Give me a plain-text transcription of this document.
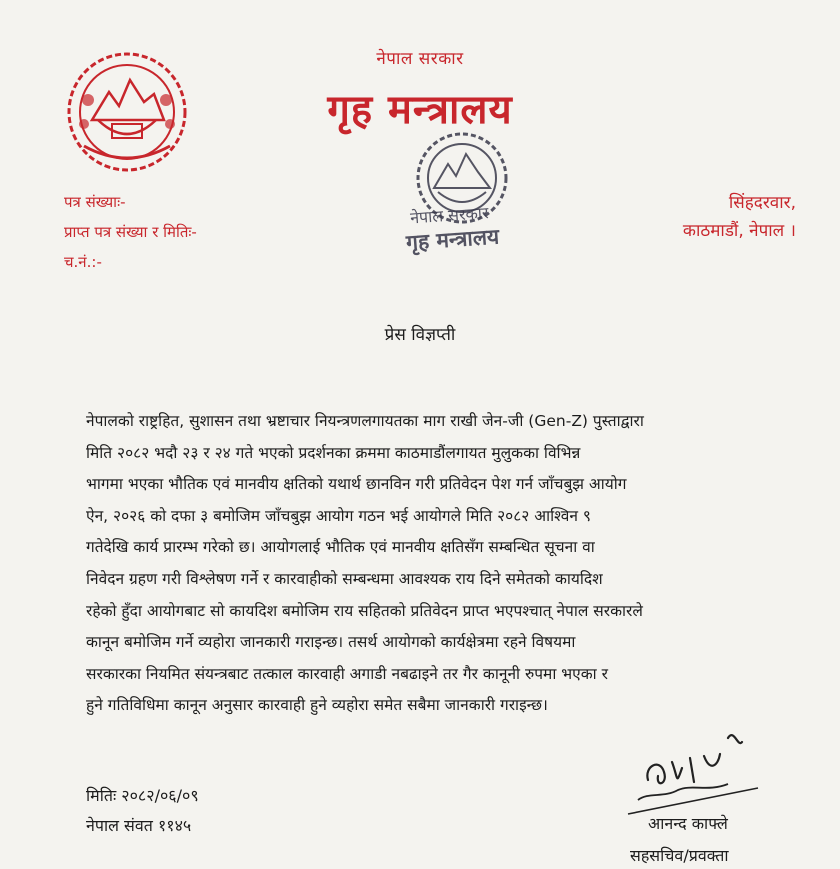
नेपाल सरकार
गृह मन्त्रालय
नेपाल सरकार
गृह मन्त्रालय
पत्र संख्याः-
प्राप्त पत्र संख्या र मितिः-
च.नं.:-
सिंहदरवार,
काठमाडौं, नेपाल ।
प्रेस विज्ञप्ती
नेपालको राष्ट्रहित, सुशासन तथा भ्रष्टाचार नियन्त्रणलगायतका माग राखी जेन-जी (Gen-Z) पुस्ताद्वारा
मिति २०८२ भदौ २३ र २४ गते भएको प्रदर्शनका क्रममा काठमाडौंलगायत मुलुकका विभिन्न
भागमा भएका भौतिक एवं मानवीय क्षतिको यथार्थ छानविन गरी प्रतिवेदन पेश गर्न जाँचबुझ आयोग
ऐन, २०२६ को दफा ३ बमोजिम जाँचबुझ आयोग गठन भई आयोगले मिति २०८२ आश्विन ९
गतेदेखि कार्य प्रारम्भ गरेको छ। आयोगलाई भौतिक एवं मानवीय क्षतिसँग सम्बन्धित सूचना वा
निवेदन ग्रहण गरी विश्लेषण गर्ने र कारवाहीको सम्बन्धमा आवश्यक राय दिने समेतको कायदिश
रहेको हुँदा आयोगबाट सो कायदिश बमोजिम राय सहितको प्रतिवेदन प्राप्त भएपश्चात् नेपाल सरकारले
कानून बमोजिम गर्ने व्यहोरा जानकारी गराइन्छ। तसर्थ आयोगको कार्यक्षेत्रमा रहने विषयमा
सरकारका नियमित संयन्त्रबाट तत्काल कारवाही अगाडी नबढाइने तर गैर कानूनी रुपमा भएका र
हुने गतिविधिमा कानून अनुसार कारवाही हुने व्यहोरा समेत सबैमा जानकारी गराइन्छ।
मितिः २०८२/०६/०९
नेपाल संवत ११४५	आनन्द काफ्ले
सहसचिव/प्रवक्ता
